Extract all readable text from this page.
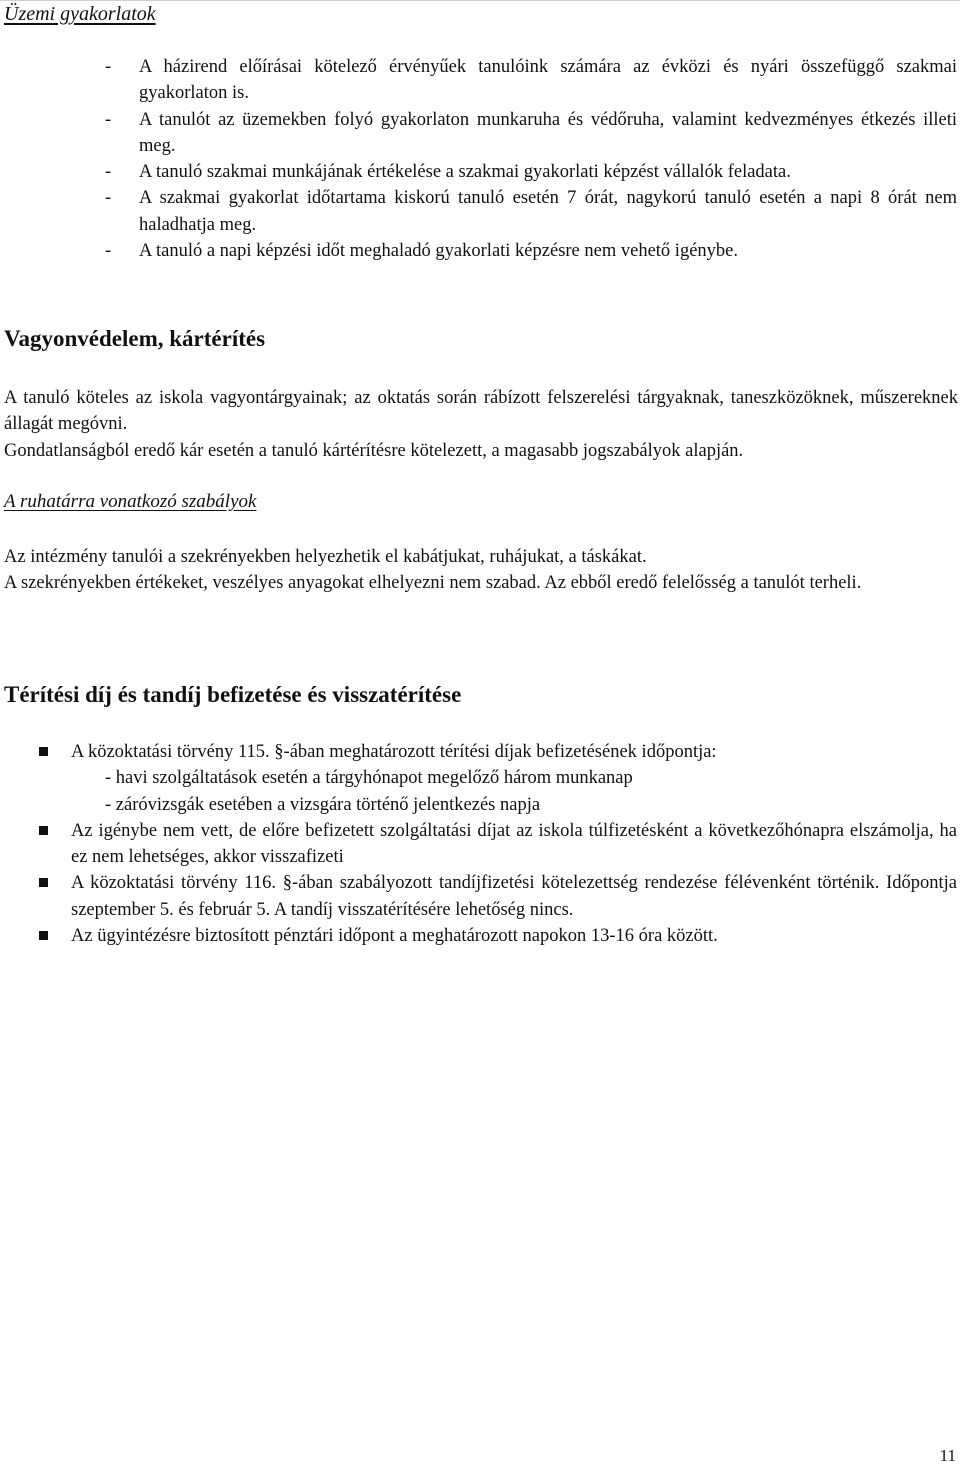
Üzemi gyakorlatok
- A házirend előírásai kötelező érvényűek tanulóink számára az évközi és nyári összefüggő szakmai gyakorlaton is.
- A tanulót az üzemekben folyó gyakorlaton munkaruha és védőruha, valamint kedvezményes étkezés illeti meg.
- A tanuló szakmai munkájának értékelése a szakmai gyakorlati képzést vállalók feladata.
- A szakmai gyakorlat időtartama kiskorú tanuló esetén 7 órát, nagykorú tanuló esetén a napi 8 órát nem haladhatja meg.
- A tanuló a napi képzési időt meghaladó gyakorlati képzésre nem vehető igénybe.
Vagyonvédelem, kártérítés

A tanuló köteles az iskola vagyontárgyainak; az oktatás során rábízott felszerelési tárgyaknak, taneszközöknek, műszereknek állagát megóvni.

Gondatlanságból eredő kár esetén a tanuló kártérítésre kötelezett, a magasabb jogszabályok alapján.

A ruhatárra vonatkozó szabályok

Az intézmény tanulói a szekrényekben helyezhetik el kabátjukat, ruhájukat, a táskákat.

A szekrényekben értékeket, veszélyes anyagokat elhelyezni nem szabad. Az ebből eredő felelősség a tanulót terheli.

Térítési díj és tandíj befizetése és visszatérítése
A közoktatási törvény 115. §-ában meghatározott térítési díjak befizetésének időpontja:
- havi szolgáltatások esetén a tárgyhónapot megelőző három munkanap
- záróvizsgák esetében a vizsgára történő jelentkezés napja
Az igénybe nem vett, de előre befizetett szolgáltatási díjat az iskola túlfizetésként a következőhónapra elszámolja, ha ez nem lehetséges, akkor visszafizeti
A közoktatási törvény 116. §-ában szabályozott tandíjfizetési kötelezettség rendezése félévenként történik. Időpontja szeptember 5. és február 5. A tandíj visszatérítésére lehetőség nincs.
Az ügyintézésre biztosított pénztári időpont a meghatározott napokon 13-16 óra között.
11
